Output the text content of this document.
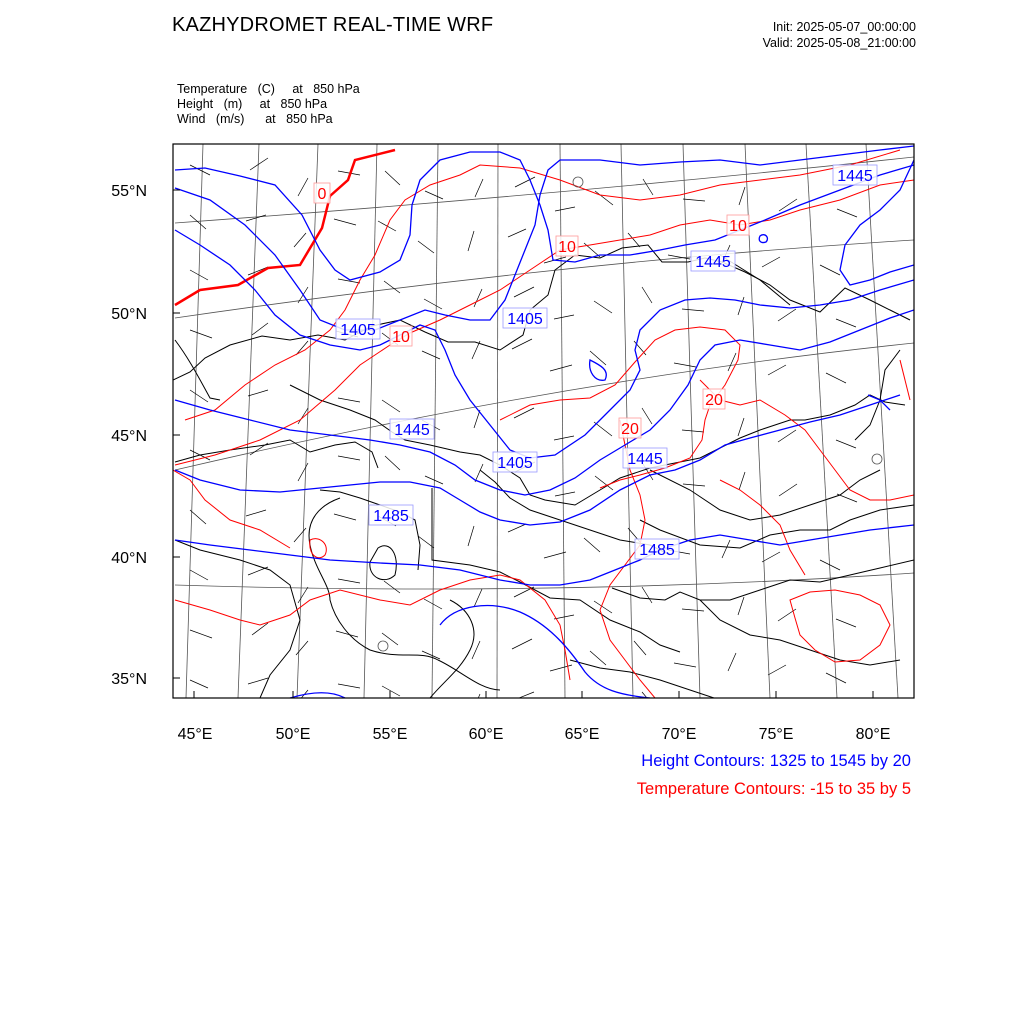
KAZHYDROMET REAL-TIME WRF	Init: 2025-05-07_00:00:00
Valid: 2025-05-08_21:00:00
Temperature (C)     at   850 hPa
Height (m)     at   850 hPa
Wind (m/s)      at   850 hPa
1445
1445
1405
1405
1445
1405
1485
1445
1485
0
10
10
10
20
20
55°N
50°N
45°N
40°N
35°N
45°E	50°E	55°E	60°E	65°E	70°E	75°E	80°E
Height Contours: 1325 to 1545 by 20
Temperature Contours: -15 to 35 by 5
